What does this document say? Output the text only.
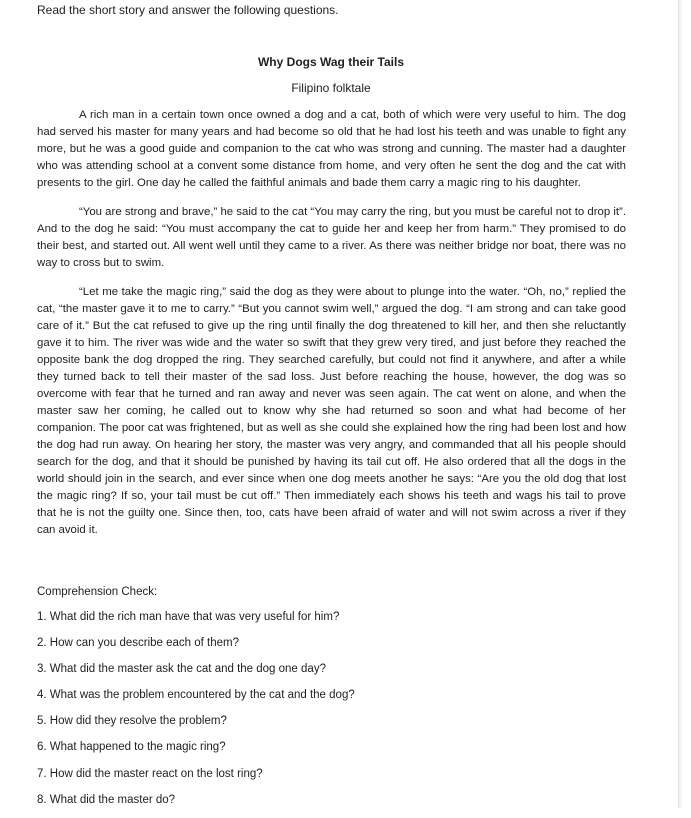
Read the short story and answer the following questions.
Why Dogs Wag their Tails
Filipino folktale

A rich man in a certain town once owned a dog and a cat, both of which were very useful to him. The dog had served his master for many years and had become so old that he had lost his teeth and was unable to fight any more, but he was a good guide and companion to the cat who was strong and cunning. The master had a daughter who was attending school at a convent some distance from home, and very often he sent the dog and the cat with presents to the girl. One day he called the faithful animals and bade them carry a magic ring to his daughter.

“You are strong and brave,” he said to the cat “You may carry the ring, but you must be careful not to drop it”. And to the dog he said: “You must accompany the cat to guide her and keep her from harm.” They promised to do their best, and started out. All went well until they came to a river. As there was neither bridge nor boat, there was no way to cross but to swim.

“Let me take the magic ring,” said the dog as they were about to plunge into the water. “Oh, no,” replied the cat, “the master gave it to me to carry.” “But you cannot swim well,” argued the dog. “I am strong and can take good care of it.” But the cat refused to give up the ring until finally the dog threatened to kill her, and then she reluctantly gave it to him. The river was wide and the water so swift that they grew very tired, and just before they reached the opposite bank the dog dropped the ring. They searched carefully, but could not find it anywhere, and after a while they turned back to tell their master of the sad loss. Just before reaching the house, however, the dog was so overcome with fear that he turned and ran away and never was seen again. The cat went on alone, and when the master saw her coming, he called out to know why she had returned so soon and what had become of her companion. The poor cat was frightened, but as well as she could she explained how the ring had been lost and how the dog had run away. On hearing her story, the master was very angry, and commanded that all his people should search for the dog, and that it should be punished by having its tail cut off. He also ordered that all the dogs in the world should join in the search, and ever since when one dog meets another he says: “Are you the old dog that lost the magic ring? If so, your tail must be cut off.” Then immediately each shows his teeth and wags his tail to prove that he is not the guilty one. Since then, too, cats have been afraid of water and will not swim across a river if they can avoid it.

Comprehension Check:
1. What did the rich man have that was very useful for him?
2. How can you describe each of them?
3. What did the master ask the cat and the dog one day?
4. What was the problem encountered by the cat and the dog?
5. How did they resolve the problem?
6. What happened to the magic ring?
7. How did the master react on the lost ring?
8. What did the master do?
